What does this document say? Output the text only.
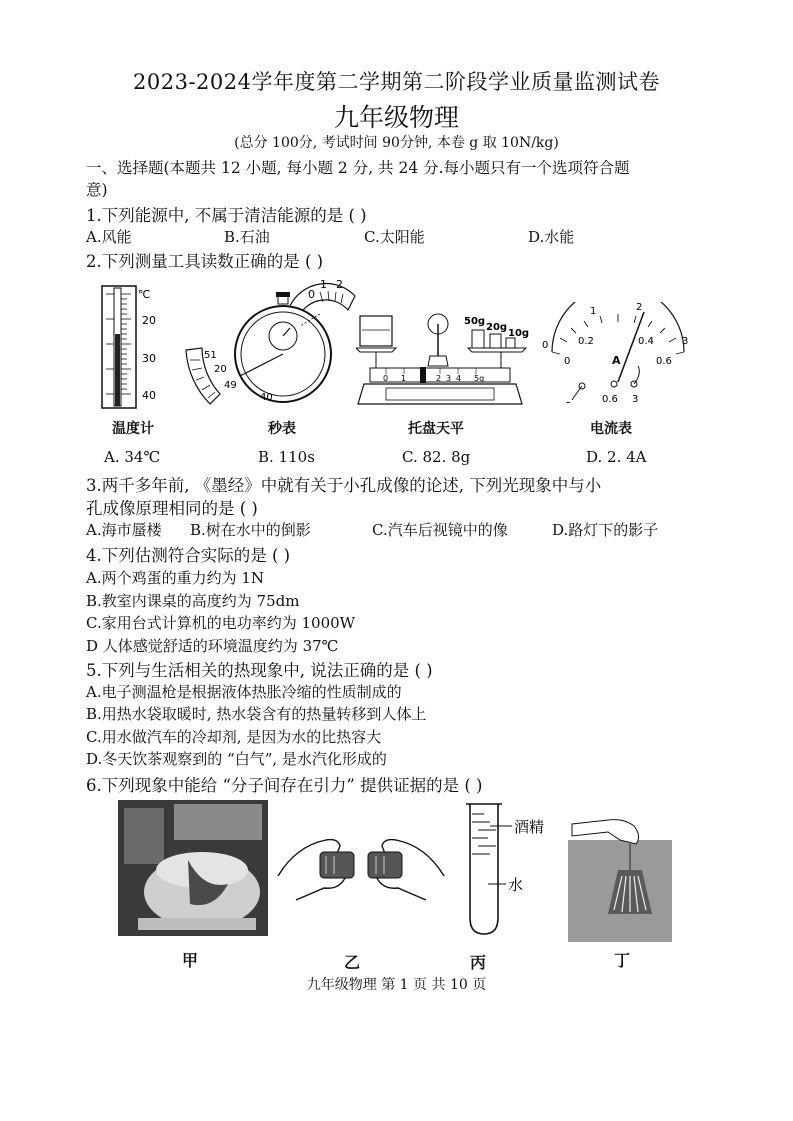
2023-2024学年度第二学期第二阶段学业质量监测试卷
九年级物理
(总分 100分, 考试时间 90分钟, 本卷 g 取 10N/kg)
一、选择题(本题共 12 小题, 每小题 2 分, 共 24 分.每小题只有一个选项符合题
意)
1.下列能源中, 不属于清洁能源的是 ( )
A.风能	B.石油	C.太阳能	D.水能
2.下列测量工具读数正确的是 ( )
℃
20
30
40
温度计
0
1 2
51
20
49
40
秒表
50g
20g
10g
0 1	2 3 4 5g
托盘天平
1	2
0	0.2	0.4
0
3
0.6
A
-	0.6 3
电流表
A. 34℃	B. 110s	C. 82. 8g	D. 2. 4A
3.两千多年前, 《墨经》中就有关于小孔成像的论述, 下列光现象中与小
孔成像原理相同的是 ( )
A.海市蜃楼 B.树在水中的倒影	C.汽车后视镜中的像	D.路灯下的影子
4.下列估测符合实际的是 ( )
A.两个鸡蛋的重力约为 1N
B.教室内课桌的高度约为 75dm
C.家用台式计算机的电功率约为 1000W
D 人体感觉舒适的环境温度约为 37℃
5.下列与生活相关的热现象中, 说法正确的是 ( )
A.电子测温枪是根据液体热胀冷缩的性质制成的
B.用热水袋取暖时, 热水袋含有的热量转移到人体上
C.用水做汽车的冷却剂, 是因为水的比热容大
D.冬天饮茶观察到的 “白气”, 是水汽化形成的
6.下列现象中能给 “分子间存在引力” 提供证据的是 ( )
酒精
水
甲	乙	丙	丁
九年级物理 第 1 页 共 10 页
